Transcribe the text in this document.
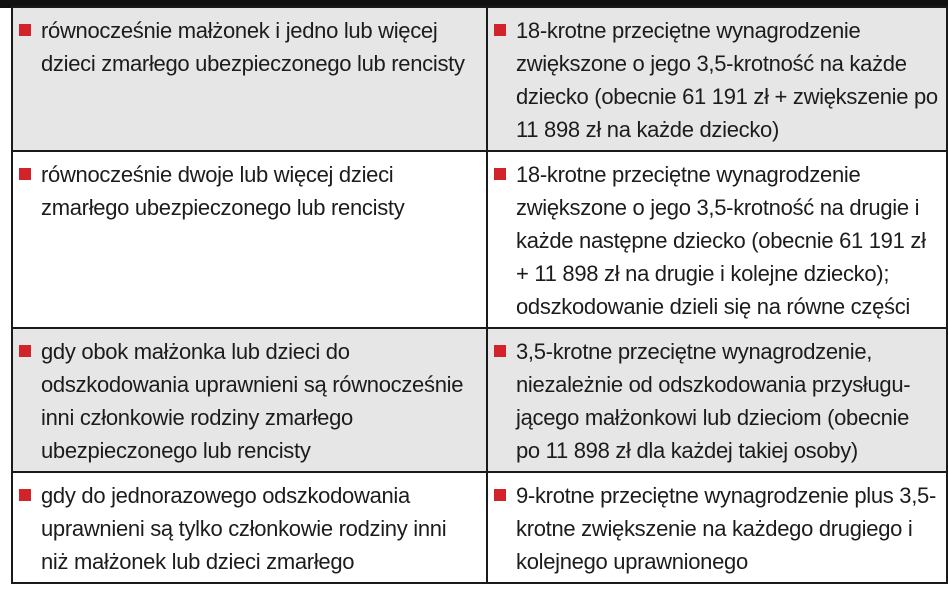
równocześnie małżonek i jedno lub więcej dzieci zmarłego ubezpieczonego lub rencisty	18-krotne przeciętne wynagrodzenie zwiększone o jego 3,5-krotność na każde dziecko (obecnie 61 191 zł + zwiększenie po 11 898 zł na każde dziecko)

równocześnie dwoje lub więcej dzieci zmarłego ubezpieczonego lub rencisty	18-krotne przeciętne wynagrodzenie zwiększone o jego 3,5-krotność na drugie i każde następne dziecko (obecnie 61 191 zł + 11 898 zł na drugie i kolejne dziecko); odszkodowanie dzieli się na równe części

gdy obok małżonka lub dzieci do odszkodowania uprawnieni są równocześnie inni członkowie rodziny zmarłego ubezpieczonego lub rencisty	3,5-krotne przeciętne wynagrodzenie, niezależnie od odszkodowania przysługu-jącego małżonkowi lub dzieciom (obecnie po 11 898 zł dla każdej takiej osoby)

gdy do jednorazowego odszkodowania uprawnieni są tylko członkowie rodziny inni niż małżonek lub dzieci zmarłego	9-krotne przeciętne wynagrodzenie plus 3,5-krotne zwiększenie na każdego drugiego i kolejnego uprawnionego
